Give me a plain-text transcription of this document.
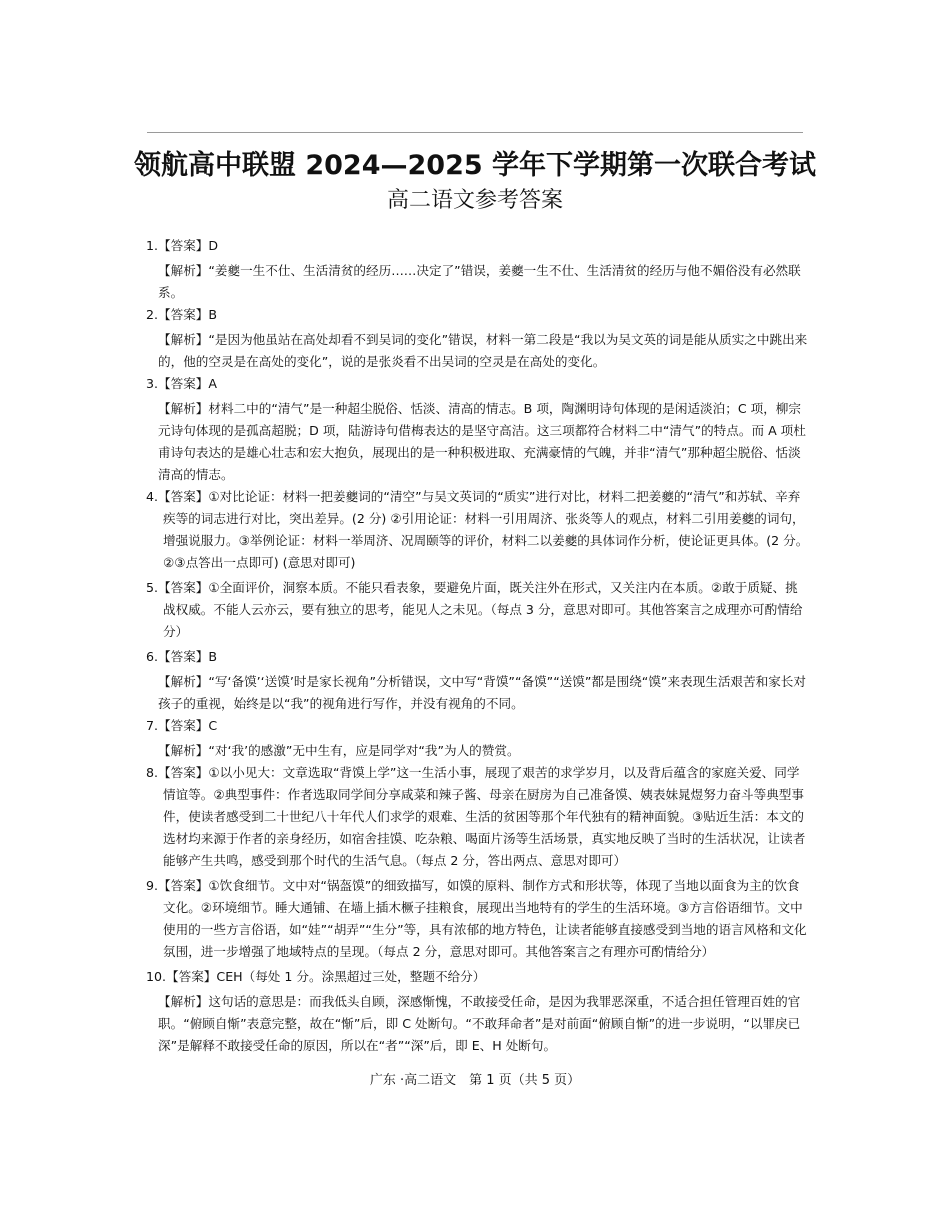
领航高中联盟 2024—2025 学年下学期第一次联合考试
高二语文参考答案
1.【答案】D
【解析】“姜夔一生不仕、生活清贫的经历……决定了”错误，姜夔一生不仕、生活清贫的经历与他不媚俗没有必然联系。
2.【答案】B
【解析】“是因为他虽站在高处却看不到吴词的变化”错误，材料一第二段是“我以为吴文英的词是能从质实之中跳出来的，他的空灵是在高处的变化”，说的是张炎看不出吴词的空灵是在高处的变化。
3.【答案】A
【解析】材料二中的“清气”是一种超尘脱俗、恬淡、清高的情志。B 项，陶渊明诗句体现的是闲适淡泊；C 项，柳宗元诗句体现的是孤高超脱；D 项，陆游诗句借梅表达的是坚守高洁。这三项都符合材料二中“清气”的特点。而 A 项杜甫诗句表达的是雄心壮志和宏大抱负，展现出的是一种积极进取、充满豪情的气魄，并非“清气”那种超尘脱俗、恬淡清高的情志。
4.【答案】①对比论证：材料一把姜夔词的“清空”与吴文英词的“质实”进行对比，材料二把姜夔的“清气”和苏轼、辛弃疾等的词志进行对比，突出差异。(2 分) ②引用论证：材料一引用周济、张炎等人的观点，材料二引用姜夔的词句，增强说服力。③举例论证：材料一举周济、况周颐等的评价，材料二以姜夔的具体词作分析，使论证更具体。(2 分。②③点答出一点即可) (意思对即可)
5.【答案】①全面评价，洞察本质。不能只看表象，要避免片面，既关注外在形式，又关注内在本质。②敢于质疑、挑战权威。不能人云亦云，要有独立的思考，能见人之未见。（每点 3 分，意思对即可。其他答案言之成理亦可酌情给分）
6.【答案】B
【解析】“写‘备馍’‘送馍’时是家长视角”分析错误，文中写“背馍”“备馍”“送馍”都是围绕“馍”来表现生活艰苦和家长对孩子的重视，始终是以“我”的视角进行写作，并没有视角的不同。
7.【答案】C
【解析】“对‘我’的感激”无中生有，应是同学对“我”为人的赞赏。
8.【答案】①以小见大：文章选取“背馍上学”这一生活小事，展现了艰苦的求学岁月，以及背后蕴含的家庭关爱、同学情谊等。②典型事件：作者选取同学间分享咸菜和辣子酱、母亲在厨房为自己准备馍、姨表妹晁煜努力奋斗等典型事件，使读者感受到二十世纪八十年代人们求学的艰难、生活的贫困等那个年代独有的精神面貌。③贴近生活：本文的选材均来源于作者的亲身经历，如宿舍挂馍、吃杂粮、喝面片汤等生活场景，真实地反映了当时的生活状况，让读者能够产生共鸣，感受到那个时代的生活气息。（每点 2 分，答出两点、意思对即可）
9.【答案】①饮食细节。文中对“锅盔馍”的细致描写，如馍的原料、制作方式和形状等，体现了当地以面食为主的饮食文化。②环境细节。睡大通铺、在墙上插木橛子挂粮食，展现出当地特有的学生的生活环境。③方言俗语细节。文中使用的一些方言俗语，如“娃”“胡弄”“生分”等，具有浓郁的地方特色，让读者能够直接感受到当地的语言风格和文化氛围，进一步增强了地域特点的呈现。（每点 2 分，意思对即可。其他答案言之有理亦可酌情给分）
10.【答案】CEH（每处 1 分。涂黑超过三处，整题不给分）
【解析】这句话的意思是：而我低头自顾，深感惭愧，不敢接受任命，是因为我罪恶深重，不适合担任管理百姓的官职。“俯顾自惭”表意完整，故在“惭”后，即 C 处断句。“不敢拜命者”是对前面“俯顾自惭”的进一步说明，“以罪戾已深”是解释不敢接受任命的原因，所以在“者”“深”后，即 E、H 处断句。
广东 ·高二语文　第 1 页（共 5 页）
